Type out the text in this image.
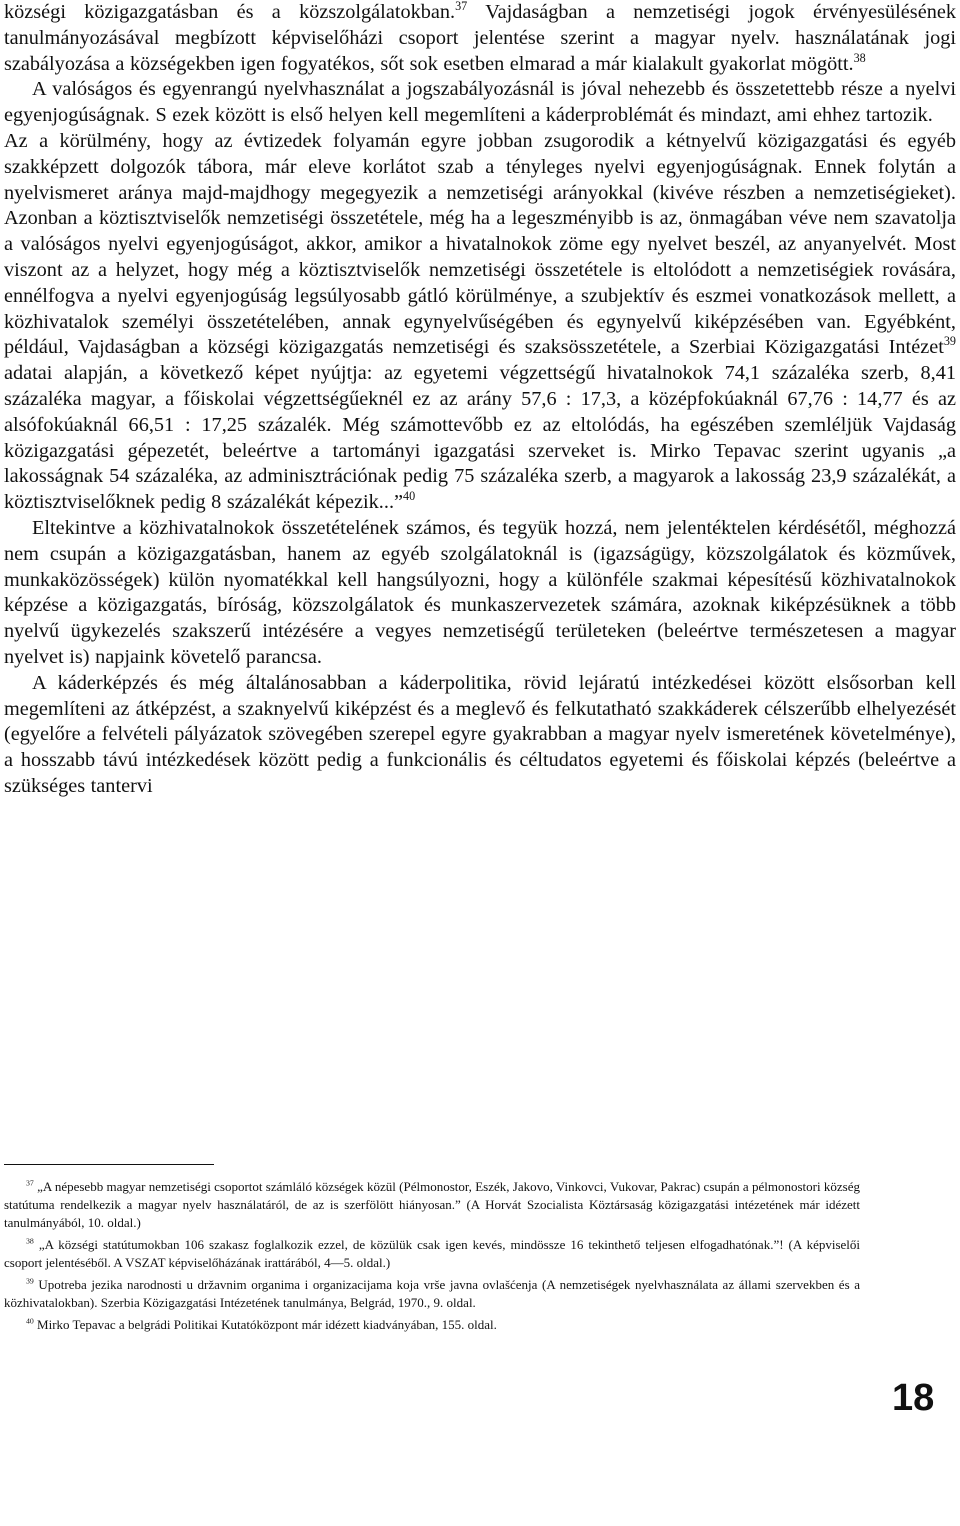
községi közigazgatásban és a közszolgálatokban.$^{37}$ Vajdaságban a nemzetiségi jogok érvényesülésének tanulmányozásával megbízott képviselőházi csoport jelentése szerint a magyar nyelv. használatának jogi szabályozása a községekben igen fogyatékos, sőt sok esetben elmarad a már kialakult gyakorlat mögött.$^{38}$

A valóságos és egyenrangú nyelvhasználat a jogszabályozásnál is jóval nehezebb és összetettebb része a nyelvi egyenjogúságnak. S ezek között is első helyen kell megemlíteni a káderproblémát és mindazt, ami ehhez tartozik.

Az a körülmény, hogy az évtizedek folyamán egyre jobban zsugorodik a kétnyelvű közigazgatási és egyéb szakképzett dolgozók tábora, már eleve korlátot szab a tényleges nyelvi egyenjogúságnak. Ennek folytán a nyelvismeret aránya majd-majdhogy megegyezik a nemzetiségi arányokkal (kivéve részben a nemzetiségieket). Azonban a köztisztviselők nemzetiségi összetétele, még ha a legeszményibb is az, önmagában véve nem szavatolja a valóságos nyelvi egyenjogúságot, akkor, amikor a hivatalnokok zöme egy nyelvet beszél, az anyanyelvét. Most viszont az a helyzet, hogy még a köztisztviselők nemzetiségi összetétele is eltolódott a nemzetiségiek rovására, ennélfogva a nyelvi egyenjogúság legsúlyosabb gátló körülménye, a szubjektív és eszmei vonatkozások mellett, a közhivatalok személyi összetételében, annak egynyelvűségében és egynyelvű kiképzésében van. Egyébként, például, Vajdaságban a községi közigazgatás nemzetiségi és szaksösszetétele, a Szerbiai Közigazgatási Intézet$^{39}$ adatai alapján, a következő képet nyújtja: az egyetemi végzettségű hivatalnokok 74,1 százaléka szerb, 8,41 százaléka magyar, a főiskolai végzettségűeknél ez az arány 57,6 : 17,3, a középfokúaknál 67,76 : 14,77 és az alsófokúaknál 66,51 : 17,25 százalék. Még számottevőbb ez az eltolódás, ha egészében szemléljük Vajdaság közigazgatási gépezetét, beleértve a tartományi igazgatási szerveket is. Mirko Tepavac szerint ugyanis „a lakosságnak 54 százaléka, az adminisztrációnak pedig 75 százaléka szerb, a magyarok a lakosság 23,9 százalékát, a köztisztviselőknek pedig 8 százalékát képezik...”$^{40}$

Eltekintve a közhivatalnokok összetételének számos, és tegyük hozzá, nem jelentéktelen kérdésétől, méghozzá nem csupán a közigazgatásban, hanem az egyéb szolgálatoknál is (igazságügy, közszolgálatok és közművek, munkaközösségek) külön nyomatékkal kell hangsúlyozni, hogy a különféle szakmai képesítésű közhivatalnokok képzése a közigazgatás, bíróság, közszolgálatok és munkaszervezetek számára, azoknak kiképzésüknek a több nyelvű ügykezelés szakszerű intézésére a vegyes nemzetiségű területeken (beleértve természetesen a magyar nyelvet is) napjaink követelő parancsa.

A káderképzés és még általánosabban a káderpolitika, rövid lejáratú intézkedései között elsősorban kell megemlíteni az átképzést, a szaknyelvű kiképzést és a meglevő és felkutatható szakkáderek célszerűbb elhelyezését (egyelőre a felvételi pályázatok szövegében szerepel egyre gyakrabban a magyar nyelv ismeretének követelménye), a hosszabb távú intézkedések között pedig a funkcionális és céltudatos egyetemi és főiskolai képzés (beleértve a szükséges tantervi

$^{37}$ „A népesebb magyar nemzetiségi csoportot számláló községek közül (Pélmonostor, Eszék, Jakovo, Vinkovci, Vukovar, Pakrac) csupán a pélmonostori község statútuma rendelkezik a magyar nyelv használatáról, de az is szerfölött hiányosan.” (A Horvát Szocialista Köztársaság közigazgatási intézetének már idézett tanulmányából, 10. oldal.)

$^{38}$ „A községi statútumokban 106 szakasz foglalkozik ezzel, de közülük csak igen kevés, mindössze 16 tekinthető teljesen elfogadhatónak.”! (A képviselői csoport jelentéséből. A VSZAT képviselőházának irattárából, 4—5. oldal.)

$^{39}$ Upotreba jezika narodnosti u državnim organima i organizacijama koja vrše javna ovlašćenja (A nemzetiségek nyelvhasználata az állami szervekben és a közhivatalokban). Szerbia Közigazgatási Intézetének tanulmánya, Belgrád, 1970., 9. oldal.

$^{40}$ Mirko Tepavac a belgrádi Politikai Kutatóközpont már idézett kiadványában, 155. oldal.

18
